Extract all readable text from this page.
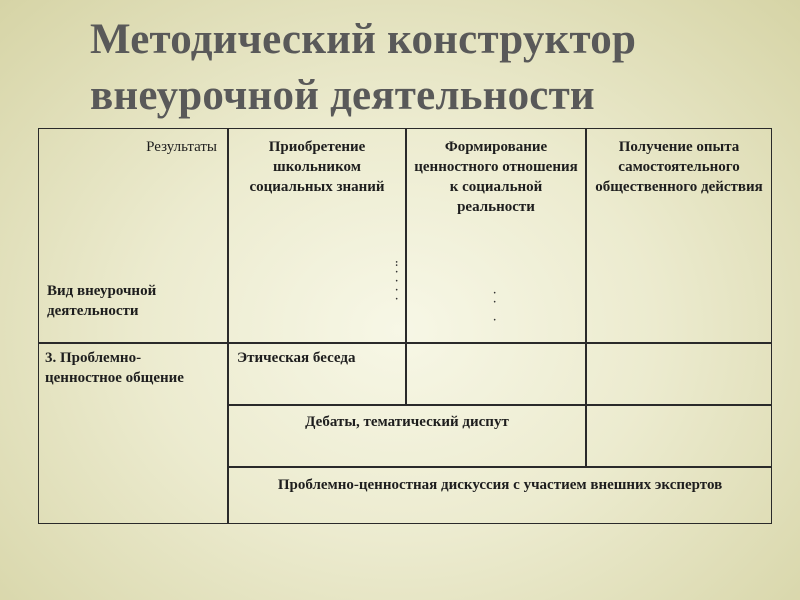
Методический конструктор
внеурочной деятельности
Результаты
Вид внеурочной деятельности
Приобретение школьником социальных знаний
:
·
·
·
·
Формирование ценностного отношения к социальной реальности
·
·

·
Получение опыта самостоятельного общественного действия
3. Проблемно-ценностное общение
Этическая беседа
Дебаты, тематический диспут
Проблемно-ценностная дискуссия с участием внешних экспертов
